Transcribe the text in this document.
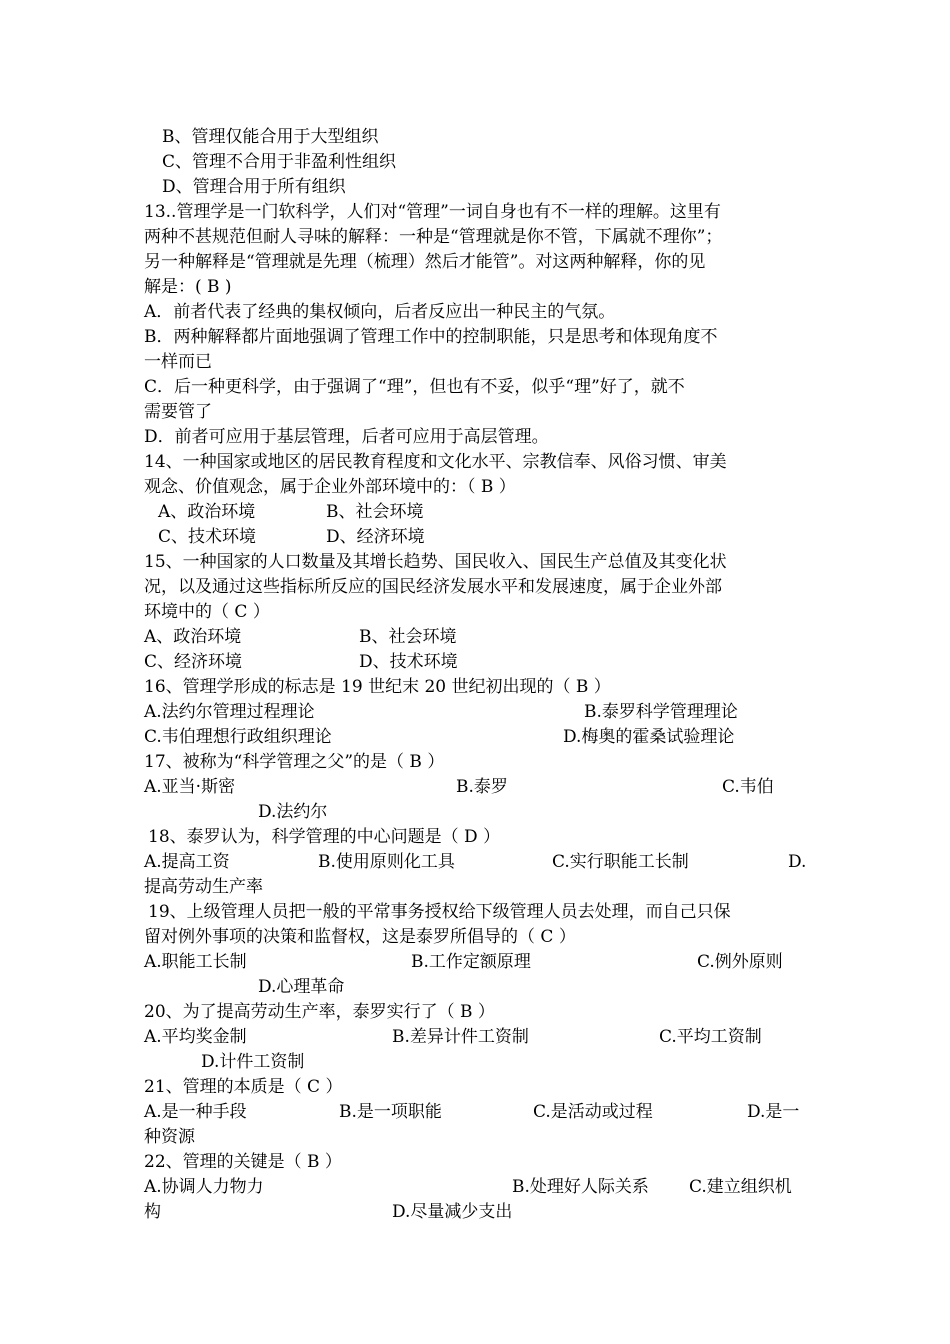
B、管理仅能合用于大型组织
C、管理不合用于非盈利性组织
D、管理合用于所有组织
13..管理学是一门软科学，人们对“管理”一词自身也有不一样的理解。这里有
两种不甚规范但耐人寻味的解释：一种是“管理就是你不管，下属就不理你”；
另一种解释是“管理就是先理（梳理）然后才能管”。对这两种解释，你的见
解是：( B )
A．前者代表了经典的集权倾向，后者反应出一种民主的气氛。
B．两种解释都片面地强调了管理工作中的控制职能，只是思考和体现角度不
一样而已
C．后一种更科学，由于强调了“理”，但也有不妥，似乎“理”好了，就不
需要管了
D．前者可应用于基层管理，后者可应用于高层管理。
14、一种国家或地区的居民教育程度和文化水平、宗教信奉、风俗习惯、审美
观念、价值观念，属于企业外部环境中的：（ B ）
A、政治环境	B、社会环境
C、技术环境	D、经济环境
15、一种国家的人口数量及其增长趋势、国民收入、国民生产总值及其变化状
况，以及通过这些指标所反应的国民经济发展水平和发展速度，属于企业外部
环境中的（ C ）
A、政治环境	B、社会环境
C、经济环境	D、技术环境
16、管理学形成的标志是 19 世纪末 20 世纪初出现的（ B ）
A.法约尔管理过程理论	B.泰罗科学管理理论
C.韦伯理想行政组织理论	D.梅奥的霍桑试验理论
17、被称为“科学管理之父”的是（ B ）
A.亚当·斯密	B.泰罗	C.韦伯
D.法约尔
18、泰罗认为，科学管理的中心问题是（ D ）
A.提高工资	B.使用原则化工具	C.实行职能工长制	D.
提高劳动生产率
19、上级管理人员把一般的平常事务授权给下级管理人员去处理，而自己只保
留对例外事项的决策和监督权，这是泰罗所倡导的（ C ）
A.职能工长制	B.工作定额原理	C.例外原则
D.心理革命
20、为了提高劳动生产率，泰罗实行了（ B ）
A.平均奖金制	B.差异计件工资制	C.平均工资制
D.计件工资制
21、管理的本质是（ C ）
A.是一种手段	B.是一项职能	C.是活动或过程	D.是一
种资源
22、管理的关键是（ B ）
A.协调人力物力	B.处理好人际关系 C.建立组织机
构	D.尽量减少支出
